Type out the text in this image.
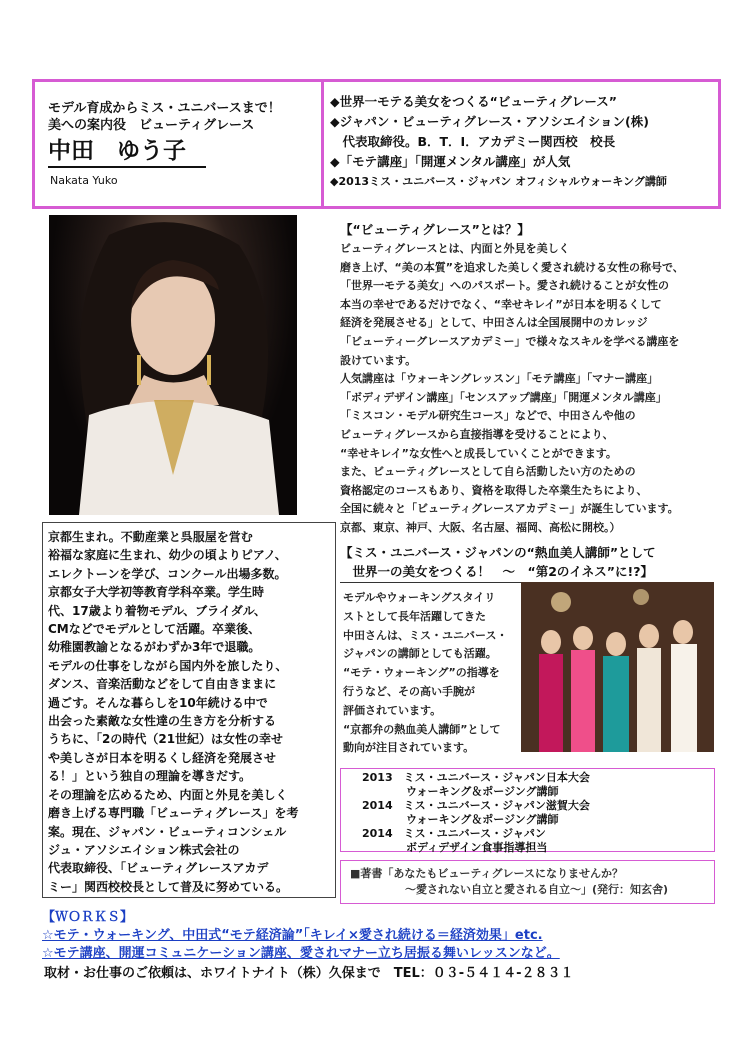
モデル育成からミス・ユニバースまで！
美への案内役　ビューティグレース
中田　ゆう子
Nakata Yuko
◆世界一モテる美女をつくる“ビューティグレース”
◆ジャパン・ビューティグレース・アソシエイション(株)
　代表取締役。B．T．I．アカデミー関西校　校長
◆「モテ講座」「開運メンタル講座」が人気
◆2013ミス・ユニバース・ジャパン オフィシャルウォーキング講師
【“ビューティグレース”とは？】
ビューティグレースとは、内面と外見を美しく
磨き上げ、“美の本質”を追求した美しく愛され続ける女性の称号で、
「世界一モテる美女」へのパスポート。愛され続けることが女性の
本当の幸せであるだけでなく、“幸せキレイ”が日本を明るくして
経済を発展させる」として、中田さんは全国展開中のカレッジ
「ビューティーグレースアカデミー」で様々なスキルを学べる講座を
設けています。
人気講座は「ウォーキングレッスン」「モテ講座」「マナー講座」
「ボディデザイン講座」「センスアップ講座」「開運メンタル講座」
「ミスコン・モデル研究生コース」などで、中田さんや他の
ビューティグレースから直接指導を受けることにより、
“幸せキレイ”な女性へと成長していくことができます。
また、ビューティグレースとして自ら活動したい方のための
資格認定のコースもあり、資格を取得した卒業生たちにより、
全国に続々と「ビューティグレースアカデミー」が誕生しています。
京都、東京、神戸、大阪、名古屋、福岡、高松に開校。）
京都生まれ。不動産業と呉服屋を営む
裕福な家庭に生まれ、幼少の頃よりピアノ、
エレクトーンを学び、コンクール出場多数。
京都女子大学初等教育学科卒業。学生時
代、17歳より着物モデル、ブライダル、
CMなどでモデルとして活躍。卒業後、
幼稚園教諭となるがわずか3年で退職。
モデルの仕事をしながら国内外を旅したり、
ダンス、音楽活動などをして自由きままに
過ごす。そんな暮らしを10年続ける中で
出会った素敵な女性達の生き方を分析する
うちに、「2の時代（21世紀）は女性の幸せ
や美しさが日本を明るくし経済を発展させ
る！」という独自の理論を導きだす。
その理論を広めるため、内面と外見を美しく
磨き上げる専門職「ビューティグレース」を考
案。現在、ジャパン・ビューティコンシェル
ジュ・アソシエイション株式会社の
代表取締役、「ビューティグレースアカデ
ミー」関西校校長として普及に努めている。
【ミス・ユニバース・ジャパンの“熱血美人講師”として
　世界一の美女をつくる！　～　“第2のイネス”に!?】
モデルやウォーキングスタイリ
ストとして長年活躍してきた
中田さんは、ミス・ユニバース・
ジャパンの講師としても活躍。
“モテ・ウォーキング”の指導を
行うなど、その高い手腕が
評価されています。
“京都弁の熱血美人講師”として
動向が注目されています。
2013　ミス・ユニバース・ジャパン日本大会
　　　　ウォーキング＆ポージング講師
2014　ミス・ユニバース・ジャパン滋賀大会
　　　　ウォーキング＆ポージング講師
2014　ミス・ユニバース・ジャパン
　　　　ボディデザイン食事指導担当
■著書「あなたもビューティグレースになりませんか？
　　　　　～愛されない自立と愛される自立～」(発行：知玄舎)
【ＷＯＲＫＳ】
☆モテ・ウォーキング、中田式“モテ経済論”「キレイ×愛され続ける＝経済効果」etc.
☆モテ講座、開運コミュニケーション講座、愛されマナー立ち居振る舞いレッスンなど。
取材・お仕事のご依頼は、ホワイトナイト（株）久保まで　TEL：０３-５４１４-２８３１
